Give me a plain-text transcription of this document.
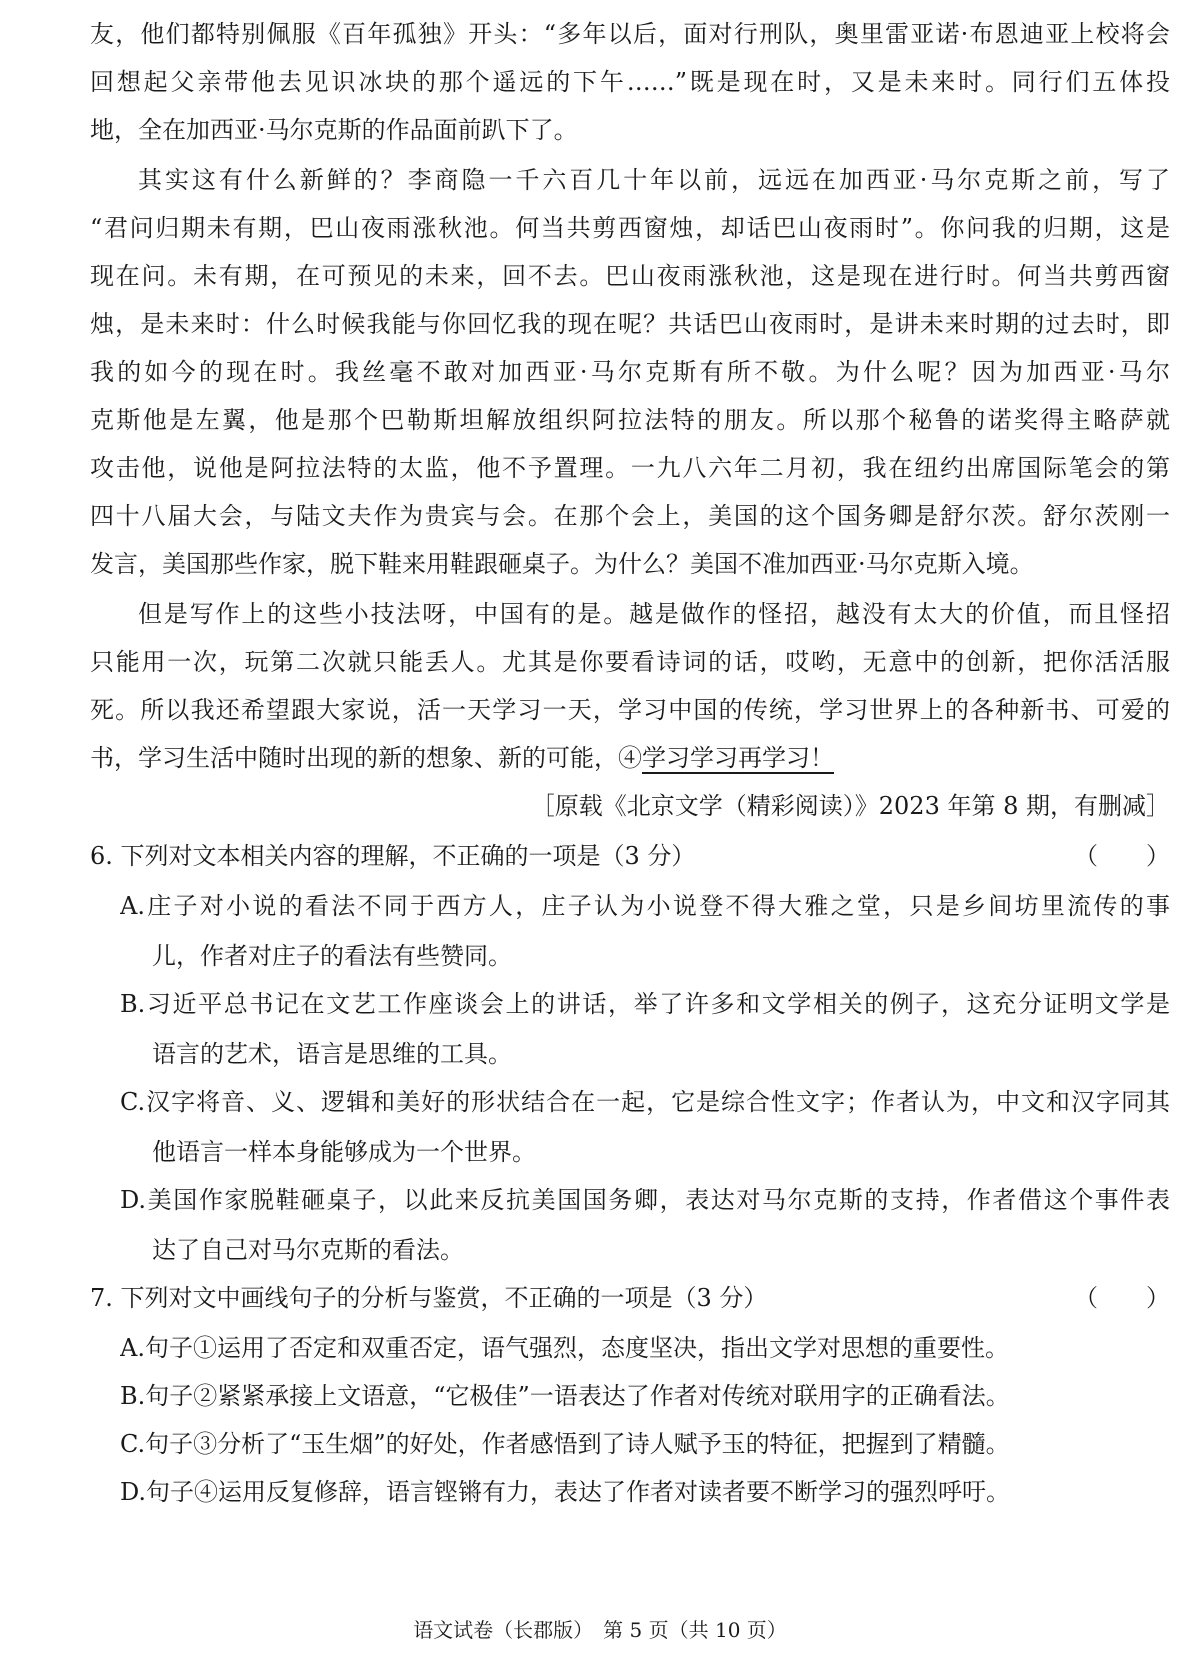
友，他们都特别佩服《百年孤独》开头：“多年以后，面对行刑队，奥里雷亚诺·布恩迪亚上校将会
回想起父亲带他去见识冰块的那个遥远的下午……”既是现在时，又是未来时。同行们五体投
地，全在加西亚·马尔克斯的作品面前趴下了。
其实这有什么新鲜的？李商隐一千六百几十年以前，远远在加西亚·马尔克斯之前，写了
“君问归期未有期，巴山夜雨涨秋池。何当共剪西窗烛，却话巴山夜雨时”。你问我的归期，这是
现在问。未有期，在可预见的未来，回不去。巴山夜雨涨秋池，这是现在进行时。何当共剪西窗
烛，是未来时：什么时候我能与你回忆我的现在呢？共话巴山夜雨时，是讲未来时期的过去时，即
我的如今的现在时。我丝毫不敢对加西亚·马尔克斯有所不敬。为什么呢？因为加西亚·马尔
克斯他是左翼，他是那个巴勒斯坦解放组织阿拉法特的朋友。所以那个秘鲁的诺奖得主略萨就
攻击他，说他是阿拉法特的太监，他不予置理。一九八六年二月初，我在纽约出席国际笔会的第
四十八届大会，与陆文夫作为贵宾与会。在那个会上，美国的这个国务卿是舒尔茨。舒尔茨刚一
发言，美国那些作家，脱下鞋来用鞋跟砸桌子。为什么？美国不准加西亚·马尔克斯入境。
但是写作上的这些小技法呀，中国有的是。越是做作的怪招，越没有太大的价值，而且怪招
只能用一次，玩第二次就只能丢人。尤其是你要看诗词的话，哎哟，无意中的创新，把你活活服
死。所以我还希望跟大家说，活一天学习一天，学习中国的传统，学习世界上的各种新书、可爱的
书，学习生活中随时出现的新的想象、新的可能，④学习学习再学习！
［原载《北京文学（精彩阅读）》2023 年第 8 期，有删减］
6. 下列对文本相关内容的理解，不正确的一项是（3 分）	（　　）
A.庄子对小说的看法不同于西方人，庄子认为小说登不得大雅之堂，只是乡间坊里流传的事
儿，作者对庄子的看法有些赞同。
B.习近平总书记在文艺工作座谈会上的讲话，举了许多和文学相关的例子，这充分证明文学是
语言的艺术，语言是思维的工具。
C.汉字将音、义、逻辑和美好的形状结合在一起，它是综合性文字；作者认为，中文和汉字同其
他语言一样本身能够成为一个世界。
D.美国作家脱鞋砸桌子，以此来反抗美国国务卿，表达对马尔克斯的支持，作者借这个事件表
达了自己对马尔克斯的看法。
7. 下列对文中画线句子的分析与鉴赏，不正确的一项是（3 分）	（　　）
A.句子①运用了否定和双重否定，语气强烈，态度坚决，指出文学对思想的重要性。
B.句子②紧紧承接上文语意，“它极佳”一语表达了作者对传统对联用字的正确看法。
C.句子③分析了“玉生烟”的好处，作者感悟到了诗人赋予玉的特征，把握到了精髓。
D.句子④运用反复修辞，语言铿锵有力，表达了作者对读者要不断学习的强烈呼吁。
语文试卷（长郡版）　第 5 页（共 10 页）
